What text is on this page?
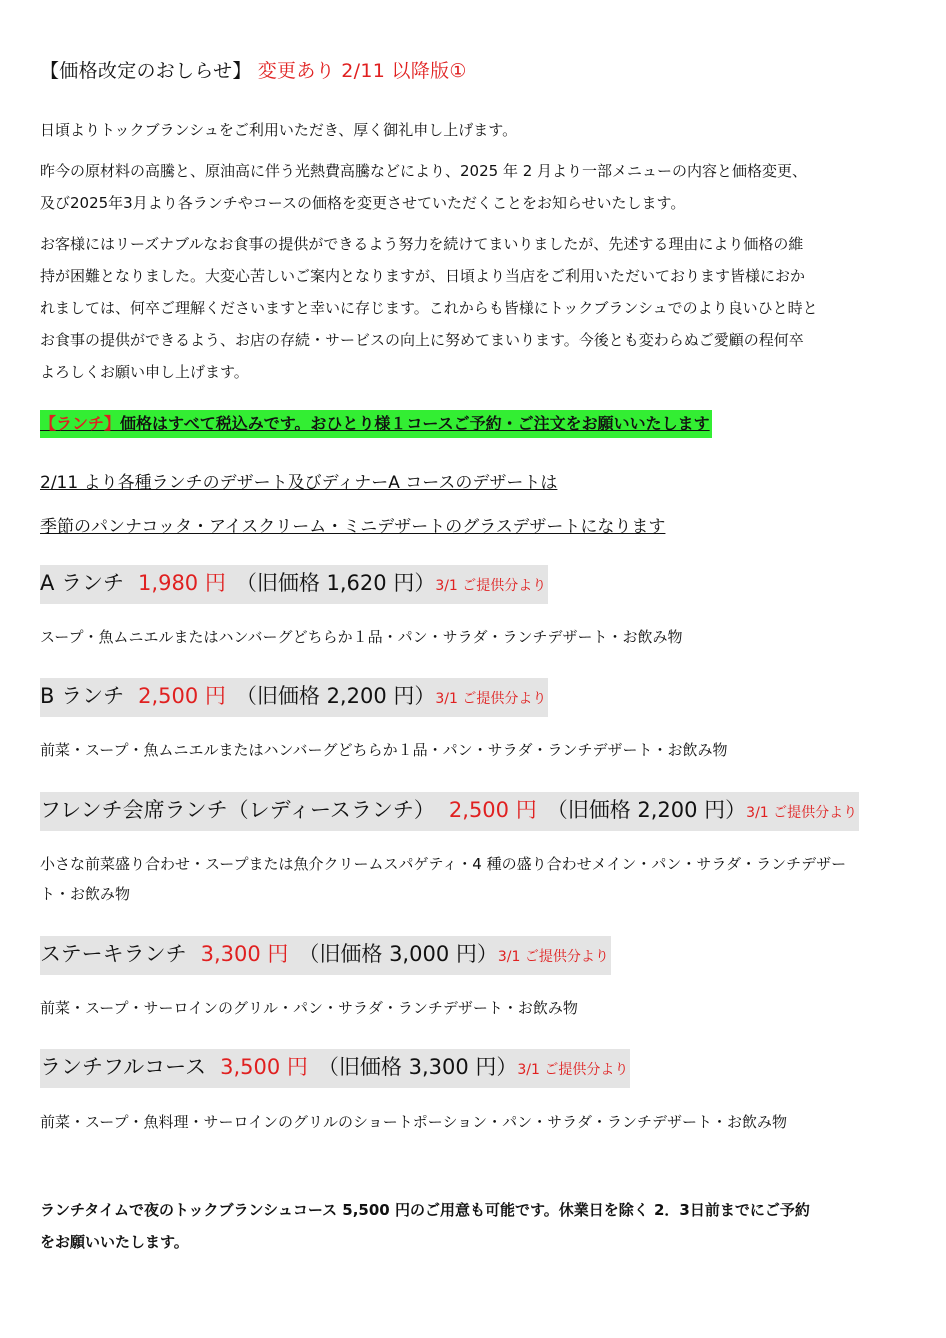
【価格改定のおしらせ】 変更あり 2/11 以降版①
日頃よりトックブランシュをご利用いただき、厚く御礼申し上げます。
昨今の原材料の高騰と、原油高に伴う光熱費高騰などにより、2025 年 2 月より一部メニューの内容と価格変更、
及び2025年3月より各ランチやコースの価格を変更させていただくことをお知らせいたします。
お客様にはリーズナブルなお食事の提供ができるよう努力を続けてまいりましたが、先述する理由により価格の維
持が困難となりました。大変心苦しいご案内となりますが、日頃より当店をご利用いただいております皆様におか
れましては、何卒ご理解くださいますと幸いに存じます。これからも皆様にトックブランシュでのより良いひと時と
お食事の提供ができるよう、お店の存続・サービスの向上に努めてまいります。今後とも変わらぬご愛顧の程何卒
よろしくお願い申し上げます。
【ランチ】価格はすべて税込みです。おひとり様１コースご予約・ご注文をお願いいたします
2/11 より各種ランチのデザート及びディナーA コースのデザートは
季節のパンナコッタ・アイスクリーム・ミニデザートのグラスデザートになります
A ランチ 1,980 円 （旧価格 1,620 円）3/1 ご提供分より
スープ・魚ムニエルまたはハンバーグどちらか１品・パン・サラダ・ランチデザート・お飲み物
B ランチ 2,500 円 （旧価格 2,200 円）3/1 ご提供分より
前菜・スープ・魚ムニエルまたはハンバーグどちらか１品・パン・サラダ・ランチデザート・お飲み物
フレンチ会席ランチ（レディースランチ） 2,500 円 （旧価格 2,200 円）3/1 ご提供分より
小さな前菜盛り合わせ・スープまたは魚介クリームスパゲティ・4 種の盛り合わせメイン・パン・サラダ・ランチデザー
ト・お飲み物
ステーキランチ 3,300 円 （旧価格 3,000 円）3/1 ご提供分より
前菜・スープ・サーロインのグリル・パン・サラダ・ランチデザート・お飲み物
ランチフルコース 3,500 円 （旧価格 3,300 円）3/1 ご提供分より
前菜・スープ・魚料理・サーロインのグリルのショートポーション・パン・サラダ・ランチデザート・お飲み物
ランチタイムで夜のトックブランシュコース 5,500 円のご用意も可能です。休業日を除く 2．3日前までにご予約
をお願いいたします。
